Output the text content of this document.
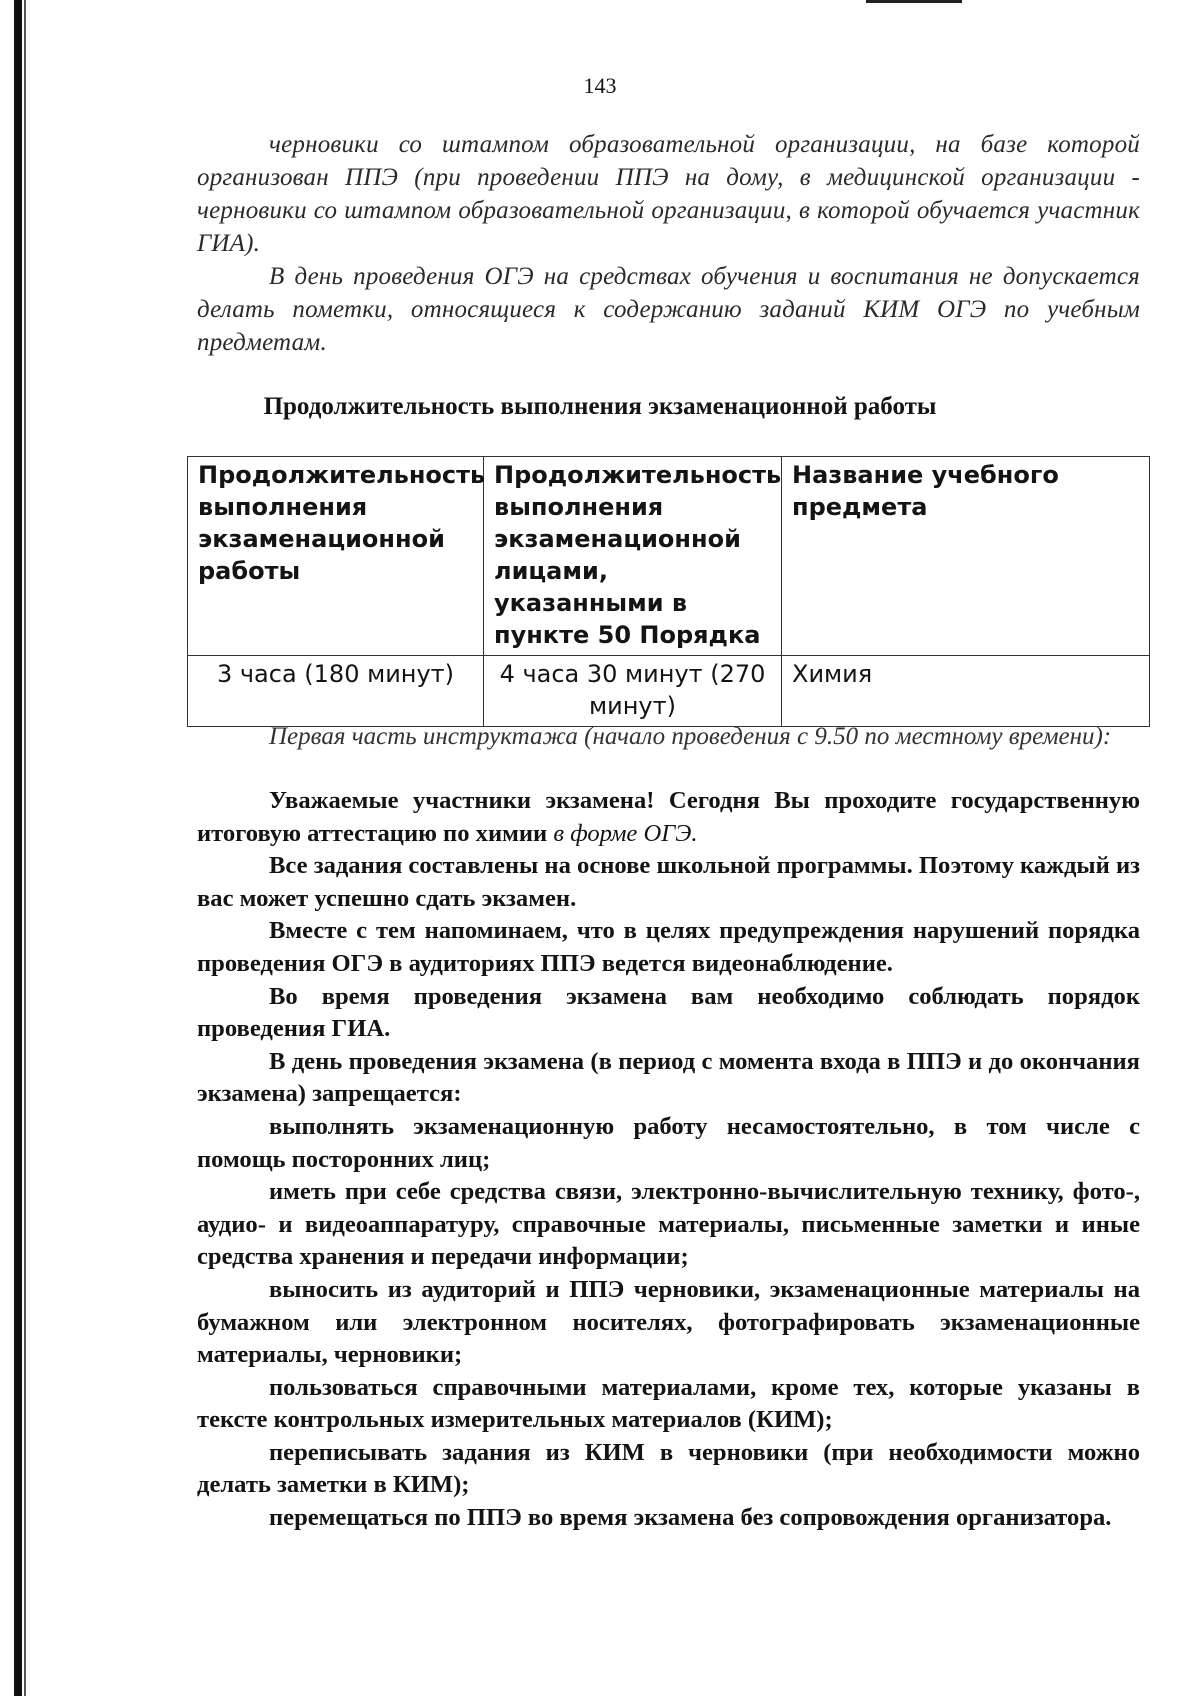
143

черновики со штампом образовательной организации, на базе которой организован ППЭ (при проведении ППЭ на дому, в медицинской организации - черновики со штампом образовательной организации, в которой обучается участник ГИА).

В день проведения ОГЭ на средствах обучения и воспитания не допускается делать пометки, относящиеся к содержанию заданий КИМ ОГЭ по учебным предметам.

Продолжительность выполнения экзаменационной работы
Продолжительность выполнения экзаменационной работы	Продолжительность выполнения экзаменационной лицами, указанными в пункте 50 Порядка	Название учебного предмета
3 часа (180 минут)	4 часа 30 минут (270 минут)	Химия

Первая часть инструктажа (начало проведения с 9.50 по местному времени):

Уважаемые участники экзамена! Сегодня Вы проходите государственную итоговую аттестацию по химии в форме ОГЭ.

Все задания составлены на основе школьной программы. Поэтому каждый из вас может успешно сдать экзамен.

Вместе с тем напоминаем, что в целях предупреждения нарушений порядка проведения ОГЭ в аудиториях ППЭ ведется видеонаблюдение.

Во время проведения экзамена вам необходимо соблюдать порядок проведения ГИА.

В день проведения экзамена (в период с момента входа в ППЭ и до окончания экзамена) запрещается:

выполнять экзаменационную работу несамостоятельно, в том числе с помощь посторонних лиц;

иметь при себе средства связи, электронно-вычислительную технику, фото-, аудио- и видеоаппаратуру, справочные материалы, письменные заметки и иные средства хранения и передачи информации;

выносить из аудиторий и ППЭ черновики, экзаменационные материалы на бумажном или электронном носителях, фотографировать экзаменационные материалы, черновики;

пользоваться справочными материалами, кроме тех, которые указаны в тексте контрольных измерительных материалов (КИМ);

переписывать задания из КИМ в черновики (при необходимости можно делать заметки в КИМ);

перемещаться по ППЭ во время экзамена без сопровождения организатора.
